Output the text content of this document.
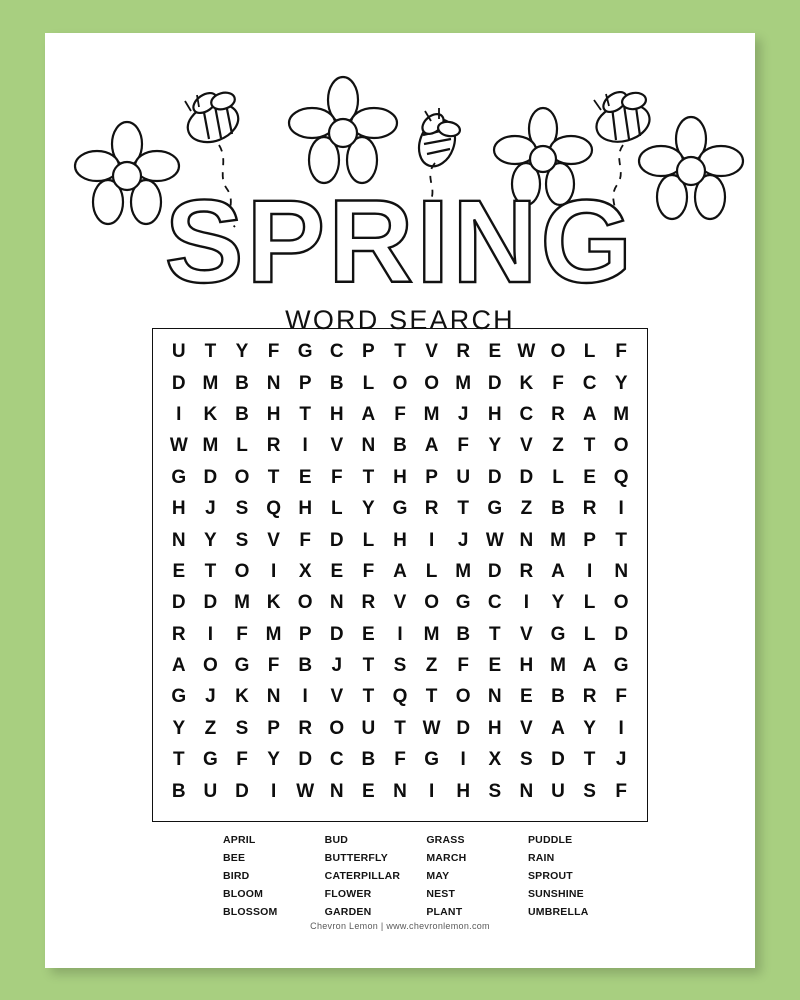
SPRING
WORD SEARCH
U T	Y	F G C P	T	V R E W O L	F
D M B N P B L O O M D K F C Y
I	K B H T H A F M J	H C R A M
W M L R	I	V N B A F	Y V	Z	T O
G D O T	E	F	T H P U D D L	E Q
H	J	S Q H L	Y G R T G Z B R	I
N Y S V	F D L H	I	J W N M P	T
E	T O	I	X E	F A L M D R A	I	N
D D M K O N R V O G C	I	Y	L O
R	I	F M P D E	I	M B T	V G L D
A O G F B	J	T	S	Z	F	E H M A G
G J	K N	I	V	T Q T O N E B R F
Y	Z	S P R O U T W D H V A Y	I
T G F	Y D C B F G	I	X S D T	J
B U D	I	W N E N	I	H S N U S	F
APRIL
BEE
BIRD
BLOOM
BLOSSOM
BUD
BUTTERFLY
CATERPILLAR
FLOWER
GARDEN
GRASS
MARCH
MAY
NEST
PLANT
PUDDLE
RAIN
SPROUT
SUNSHINE
UMBRELLA
Chevron Lemon | www.chevronlemon.com
